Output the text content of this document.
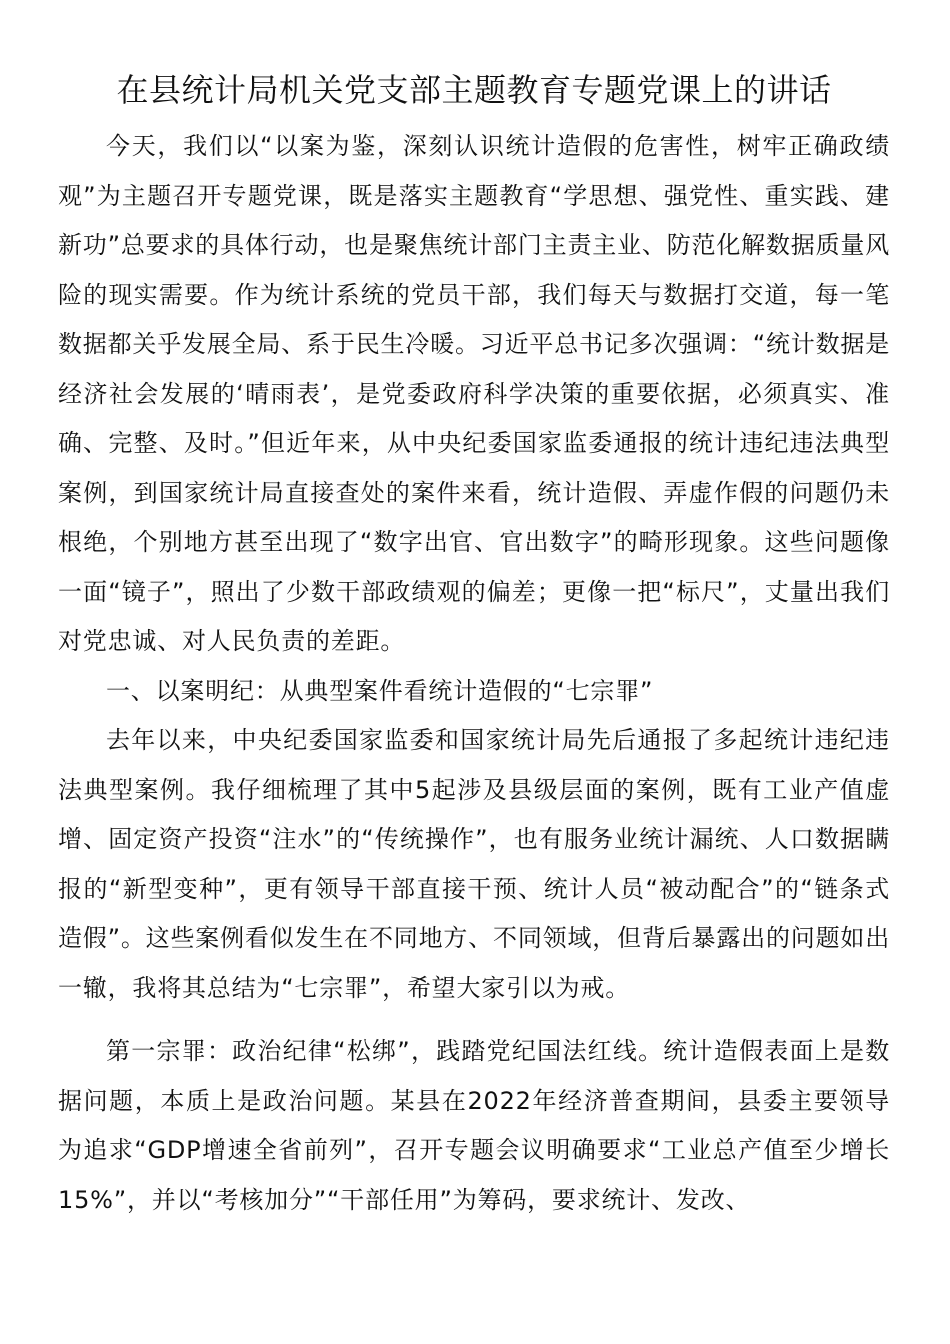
在县统计局机关党支部主题教育专题党课上的讲话

今天，我们以“以案为鉴，深刻认识统计造假的危害性，树牢正确政绩观”为主题召开专题党课，既是落实主题教育“学思想、强党性、重实践、建新功”总要求的具体行动，也是聚焦统计部门主责主业、防范化解数据质量风险的现实需要。作为统计系统的党员干部，我们每天与数据打交道，每一笔数据都关乎发展全局、系于民生冷暖。习近平总书记多次强调：“统计数据是经济社会发展的‘晴雨表’，是党委政府科学决策的重要依据，必须真实、准确、完整、及时。”但近年来，从中央纪委国家监委通报的统计违纪违法典型案例，到国家统计局直接查处的案件来看，统计造假、弄虚作假的问题仍未根绝，个别地方甚至出现了“数字出官、官出数字”的畸形现象。这些问题像一面“镜子”，照出了少数干部政绩观的偏差；更像一把“标尺”，丈量出我们对党忠诚、对人民负责的差距。

一、以案明纪：从典型案件看统计造假的“七宗罪”

去年以来，中央纪委国家监委和国家统计局先后通报了多起统计违纪违法典型案例。我仔细梳理了其中5起涉及县级层面的案例，既有工业产值虚增、固定资产投资“注水”的“传统操作”，也有服务业统计漏统、人口数据瞒报的“新型变种”，更有领导干部直接干预、统计人员“被动配合”的“链条式造假”。这些案例看似发生在不同地方、不同领域，但背后暴露出的问题如出一辙，我将其总结为“七宗罪”，希望大家引以为戒。

第一宗罪：政治纪律“松绑”，践踏党纪国法红线。统计造假表面上是数据问题，本质上是政治问题。某县在2022年经济普查期间，县委主要领导为追求“GDP增速全省前列”，召开专题会议明确要求“工业总产值至少增长15%”，并以“考核加分”“干部任用”为筹码，要求统计、发改、
